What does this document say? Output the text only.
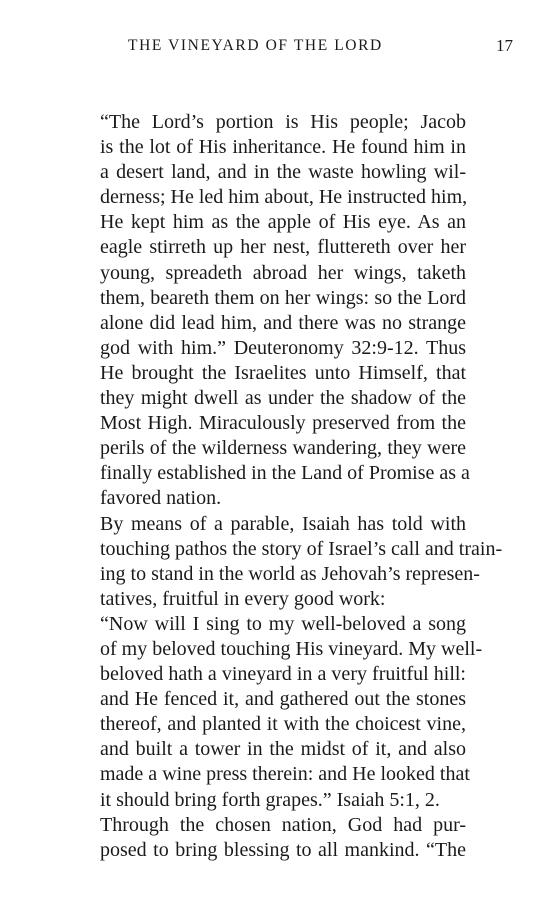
THE VINEYARD OF THE LORD	17
“The Lord’s portion is His people; Jacob
is the lot of His inheritance. He found him in
a desert land, and in the waste howling wil-
derness; He led him about, He instructed him,
He kept him as the apple of His eye. As an
eagle stirreth up her nest, fluttereth over her
young, spreadeth abroad her wings, taketh
them, beareth them on her wings: so the Lord
alone did lead him, and there was no strange
god with him.” Deuteronomy 32:9-12. Thus
He brought the Israelites unto Himself, that
they might dwell as under the shadow of the
Most High. Miraculously preserved from the
perils of the wilderness wandering, they were
finally established in the Land of Promise as a
favored nation.
By means of a parable, Isaiah has told with
touching pathos the story of Israel’s call and train-
ing to stand in the world as Jehovah’s represen-
tatives, fruitful in every good work:
“Now will I sing to my well-beloved a song
of my beloved touching His vineyard. My well-
beloved hath a vineyard in a very fruitful hill:
and He fenced it, and gathered out the stones
thereof, and planted it with the choicest vine,
and built a tower in the midst of it, and also
made a wine press therein: and He looked that
it should bring forth grapes.” Isaiah 5:1, 2.
Through the chosen nation, God had pur-
posed to bring blessing to all mankind. “The
